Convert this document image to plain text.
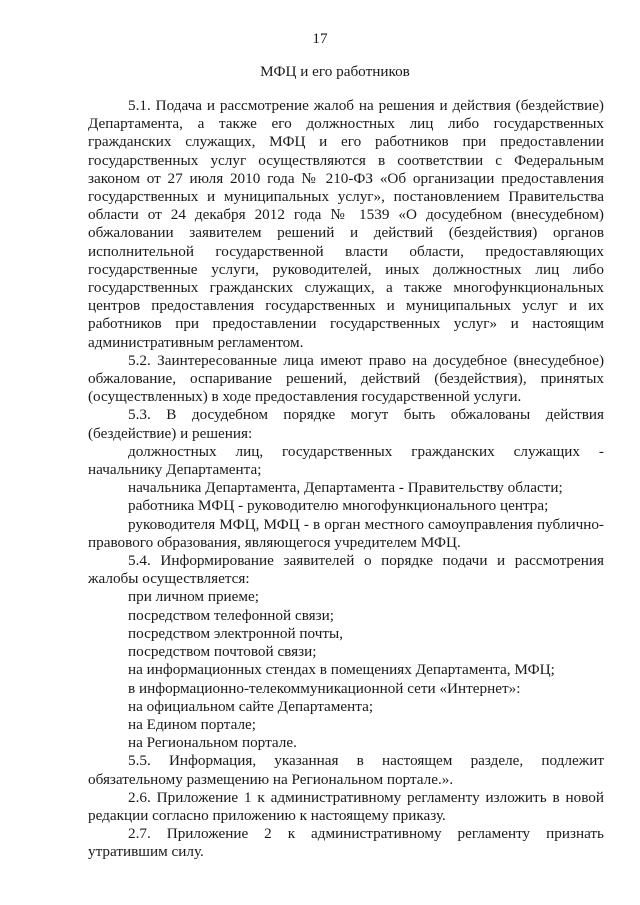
17
МФЦ и его работников

5.1. Подача и рассмотрение жалоб на решения и действия (бездействие) Департамента, а также его должностных лиц либо государственных гражданских служащих, МФЦ и его работников при предоставлении государственных услуг осуществляются в соответствии с Федеральным законом от 27 июля 2010 года № 210-ФЗ «Об организации предоставления государственных и муниципальных услуг», постановлением Правительства области от 24 декабря 2012 года № 1539 «О досудебном (внесудебном) обжаловании заявителем решений и действий (бездействия) органов исполнительной государственной власти области, предоставляющих государственные услуги, руководителей, иных должностных лиц либо государственных гражданских служащих, а также многофункциональных центров предоставления государственных и муниципальных услуг и их работников при предоставлении государственных услуг» и настоящим административным регламентом.

5.2. Заинтересованные лица имеют право на досудебное (внесудебное) обжалование, оспаривание решений, действий (бездействия), принятых (осуществленных) в ходе предоставления государственной услуги.

5.3. В досудебном порядке могут быть обжалованы действия (бездействие) и решения:

должностных лиц, государственных гражданских служащих - начальнику Департамента;

начальника Департамента, Департамента - Правительству области;

работника МФЦ - руководителю многофункционального центра;

руководителя МФЦ, МФЦ - в орган местного самоуправления публично-правового образования, являющегося учредителем МФЦ.

5.4. Информирование заявителей о порядке подачи и рассмотрения жалобы осуществляется:

при личном приеме;

посредством телефонной связи;

посредством электронной почты,

посредством почтовой связи;

на информационных стендах в помещениях Департамента, МФЦ;

в информационно-телекоммуникационной сети «Интернет»:

на официальном сайте Департамента;

на Едином портале;

на Региональном портале.

5.5. Информация, указанная в настоящем разделе, подлежит обязательному размещению на Региональном портале.».

2.6. Приложение 1 к административному регламенту изложить в новой редакции согласно приложению к настоящему приказу.

2.7. Приложение 2 к административному регламенту признать утратившим силу.
